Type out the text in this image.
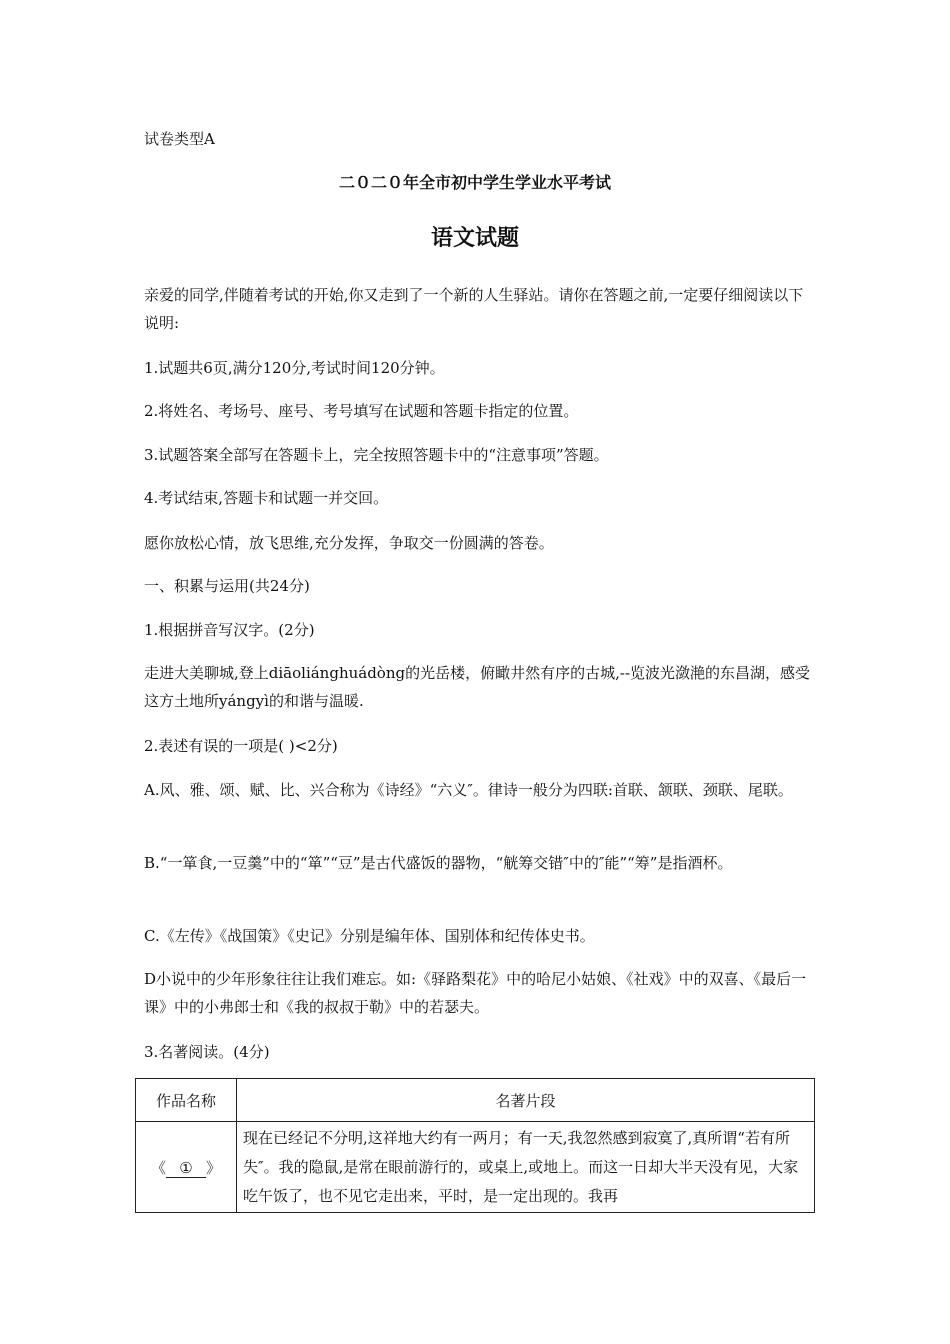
试卷类型A
二０二０年全市初中学生学业水平考试
语文试题

亲爱的同学,伴随着考试的开始,你又走到了一个新的人生驿站。请你在答题之前,一定要仔细阅读以下说明:

1.试题共6页,满分120分,考试时间120分钟。

2.将姓名、考场号、座号、考号填写在试题和答题卡指定的位置。

3.试题答案全部写在答题卡上，完全按照答题卡中的“注意事项”答题。

4.考试结束,答题卡和试题一并交回。

愿你放松心情，放飞思维,充分发挥，争取交一份圆满的答卷。

一、积累与运用(共24分)

1.根据拼音写汉字。(2分)

走进大美聊城,登上diāoliánghuádòng的光岳楼，俯瞰井然有序的古城,--览波光潋滟的东昌湖，感受这方土地所yángyì的和谐与温暖.

2.表述有误的一项是( )<2分)

A.风、雅、颂、赋、比、兴合称为《诗经》“六义″。律诗一般分为四联:首联、颔联、颈联、尾联。

B.“一箪食,一豆羹”中的“箪”“豆”是古代盛饭的器物，“觥筹交错″中的″能”“筹”是指酒杯。

C.《左传》《战国策》《史记》分别是编年体、国别体和纪传体史书。

D小说中的少年形象往往让我们难忘。如:《驿路梨花》中的哈尼小姑娘、《社戏》中的双喜、《最后一课》中的小弗郎士和《我的叔叔于勒》中的若瑟夫。

3.名著阅读。(4分)

作品名称	名著片段
《 ① 》	现在已经记不分明,这祥地大约有一两月；有一天,我忽然感到寂寞了,真所谓“若有所失″。我的隐鼠,是常在眼前游行的，或桌上,或地上。而这一日却大半天没有见，大家吃午饭了，也不见它走出来，平时，是一定出现的。我再
